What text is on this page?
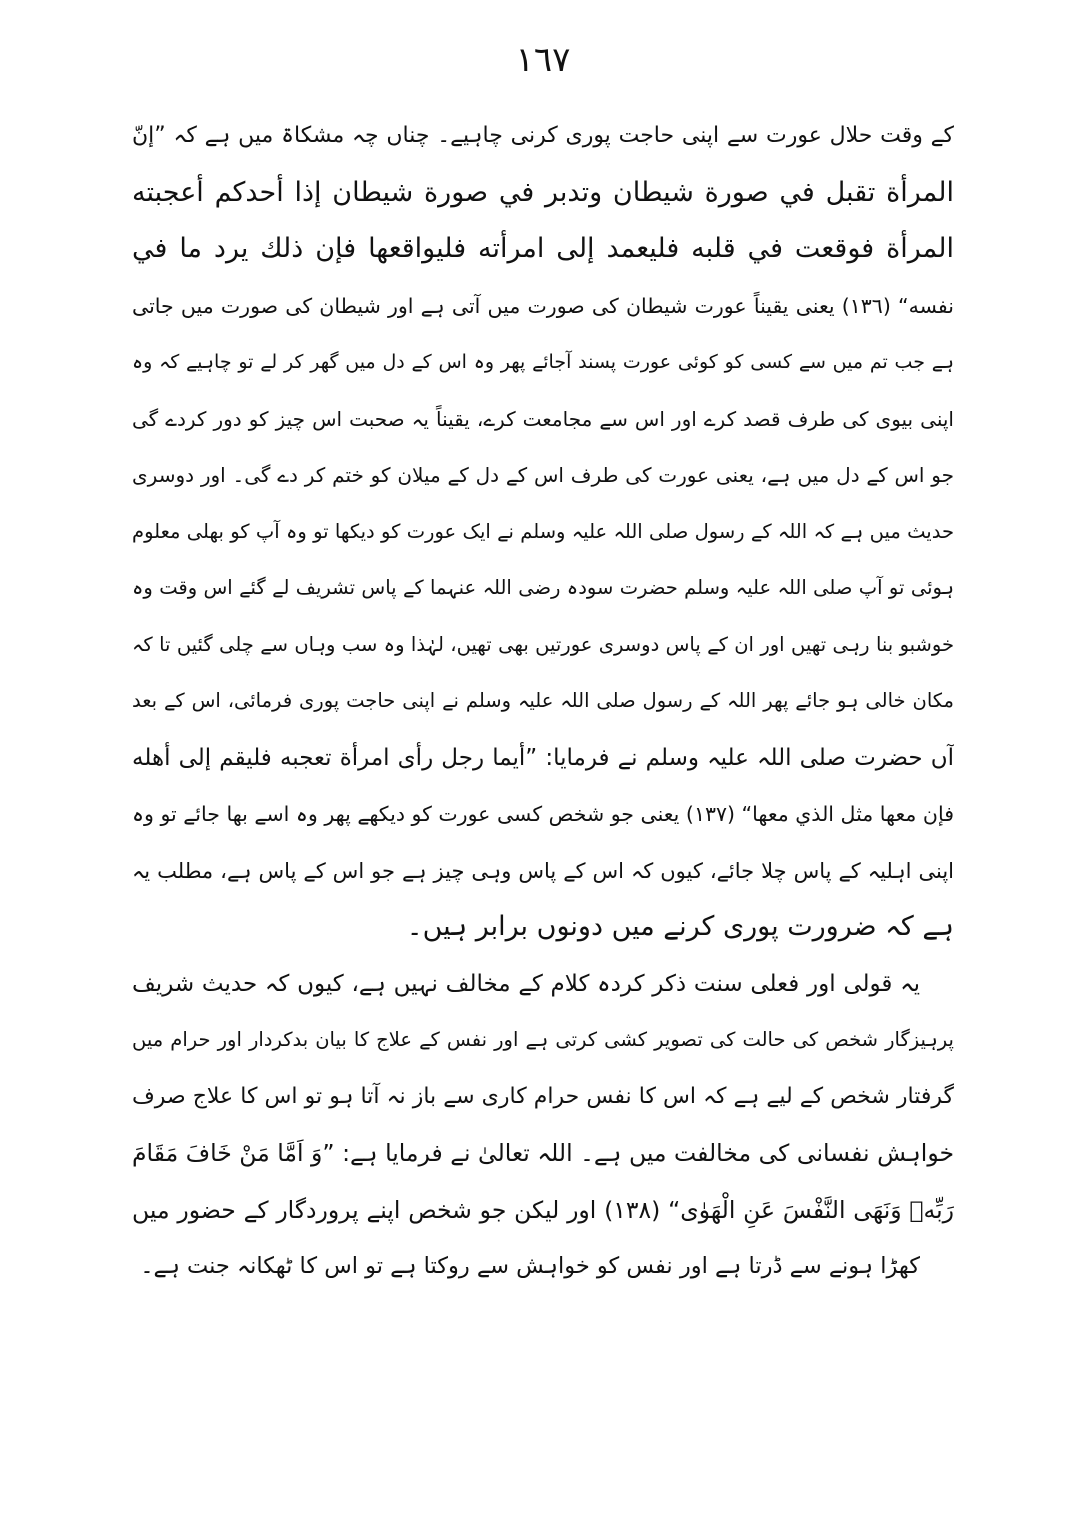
١٦٧
کے وقت حلال عورت سے اپنی حاجت پوری کرنی چاہیے۔ چناں چہ مشکاۃ میں ہے کہ ”إنّ
المرأة تقبل في صورة شيطان وتدبر في صورة شيطان إذا أحدكم أعجبته
المرأة فوقعت في قلبه فليعمد إلى امرأته فليواقعها فإن ذلك يرد ما في
نفسه“ (١٣٦) یعنی یقیناً عورت شیطان کی صورت میں آتی ہے اور شیطان کی صورت میں جاتی
ہے جب تم میں سے کسی کو کوئی عورت پسند آجائے پھر وہ اس کے دل میں گھر کر لے تو چاہیے کہ وہ
اپنی بیوی کی طرف قصد کرے اور اس سے مجامعت کرے، یقیناً یہ صحبت اس چیز کو دور کردے گی
جو اس کے دل میں ہے، یعنی عورت کی طرف اس کے دل کے میلان کو ختم کر دے گی۔ اور دوسری
حدیث میں ہے کہ اللہ کے رسول صلی اللہ علیہ وسلم نے ایک عورت کو دیکھا تو وہ آپ کو بھلی معلوم
ہوئی تو آپ صلی اللہ علیہ وسلم حضرت سودہ رضی اللہ عنہما کے پاس تشریف لے گئے اس وقت وہ
خوشبو بنا رہی تھیں اور ان کے پاس دوسری عورتیں بھی تھیں، لہٰذا وہ سب وہاں سے چلی گئیں تا کہ
مکان خالی ہو جائے پھر اللہ کے رسول صلی اللہ علیہ وسلم نے اپنی حاجت پوری فرمائی، اس کے بعد
آں حضرت صلی اللہ علیہ وسلم نے فرمایا: ”أيما رجل رأى امرأة تعجبه فليقم إلى أهله
فإن معها مثل الذي معها“ (١٣٧) یعنی جو شخص کسی عورت کو دیکھے پھر وہ اسے بھا جائے تو وہ
اپنی اہلیہ کے پاس چلا جائے، کیوں کہ اس کے پاس وہی چیز ہے جو اس کے پاس ہے، مطلب یہ
ہے کہ ضرورت پوری کرنے میں دونوں برابر ہیں۔
یہ قولی اور فعلی سنت ذکر کردہ کلام کے مخالف نہیں ہے، کیوں کہ حدیث شریف
پرہیزگار شخص کی حالت کی تصویر کشی کرتی ہے اور نفس کے علاج کا بیان بدکردار اور حرام میں
گرفتار شخص کے لیے ہے کہ اس کا نفس حرام کاری سے باز نہ آتا ہو تو اس کا علاج صرف
خواہش نفسانی کی مخالفت میں ہے۔ اللہ تعالیٰ نے فرمایا ہے: ”وَ اَمَّا مَنْ خَافَ مَقَامَ
رَبِّهٖ وَنَهَى النَّفْسَ عَنِ الْهَوٰى“ (١٣٨) اور لیکن جو شخص اپنے پروردگار کے حضور میں
کھڑا ہونے سے ڈرتا ہے اور نفس کو خواہش سے روکتا ہے تو اس کا ٹھکانہ جنت ہے۔
